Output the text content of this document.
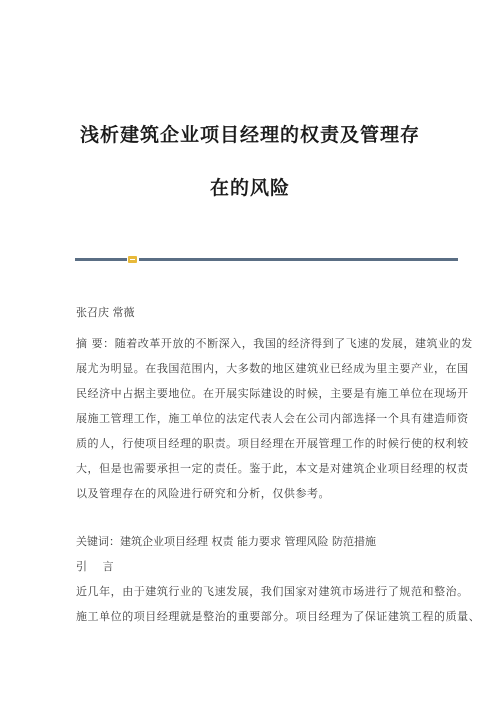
浅析建筑企业项目经理的权责及管理存
在的风险

张召庆 常薇

摘 要：随着改革开放的不断深入，我国的经济得到了飞速的发展，建筑业的发

展尤为明显。在我国范围内，大多数的地区建筑业已经成为里主要产业，在国

民经济中占据主要地位。在开展实际建设的时候，主要是有施工单位在现场开

展施工管理工作，施工单位的法定代表人会在公司内部选择一个具有建造师资

质的人，行使项目经理的职责。项目经理在开展管理工作的时候行使的权利较

大，但是也需要承担一定的责任。鉴于此，本文是对建筑企业项目经理的权责

以及管理存在的风险进行研究和分析，仅供参考。

关键词：建筑企业项目经理 权责 能力要求 管理风险 防范措施

引 言

近几年，由于建筑行业的飞速发展，我们国家对建筑市场进行了规范和整治。

施工单位的项目经理就是整治的重要部分。项目经理为了保证建筑工程的质量、
